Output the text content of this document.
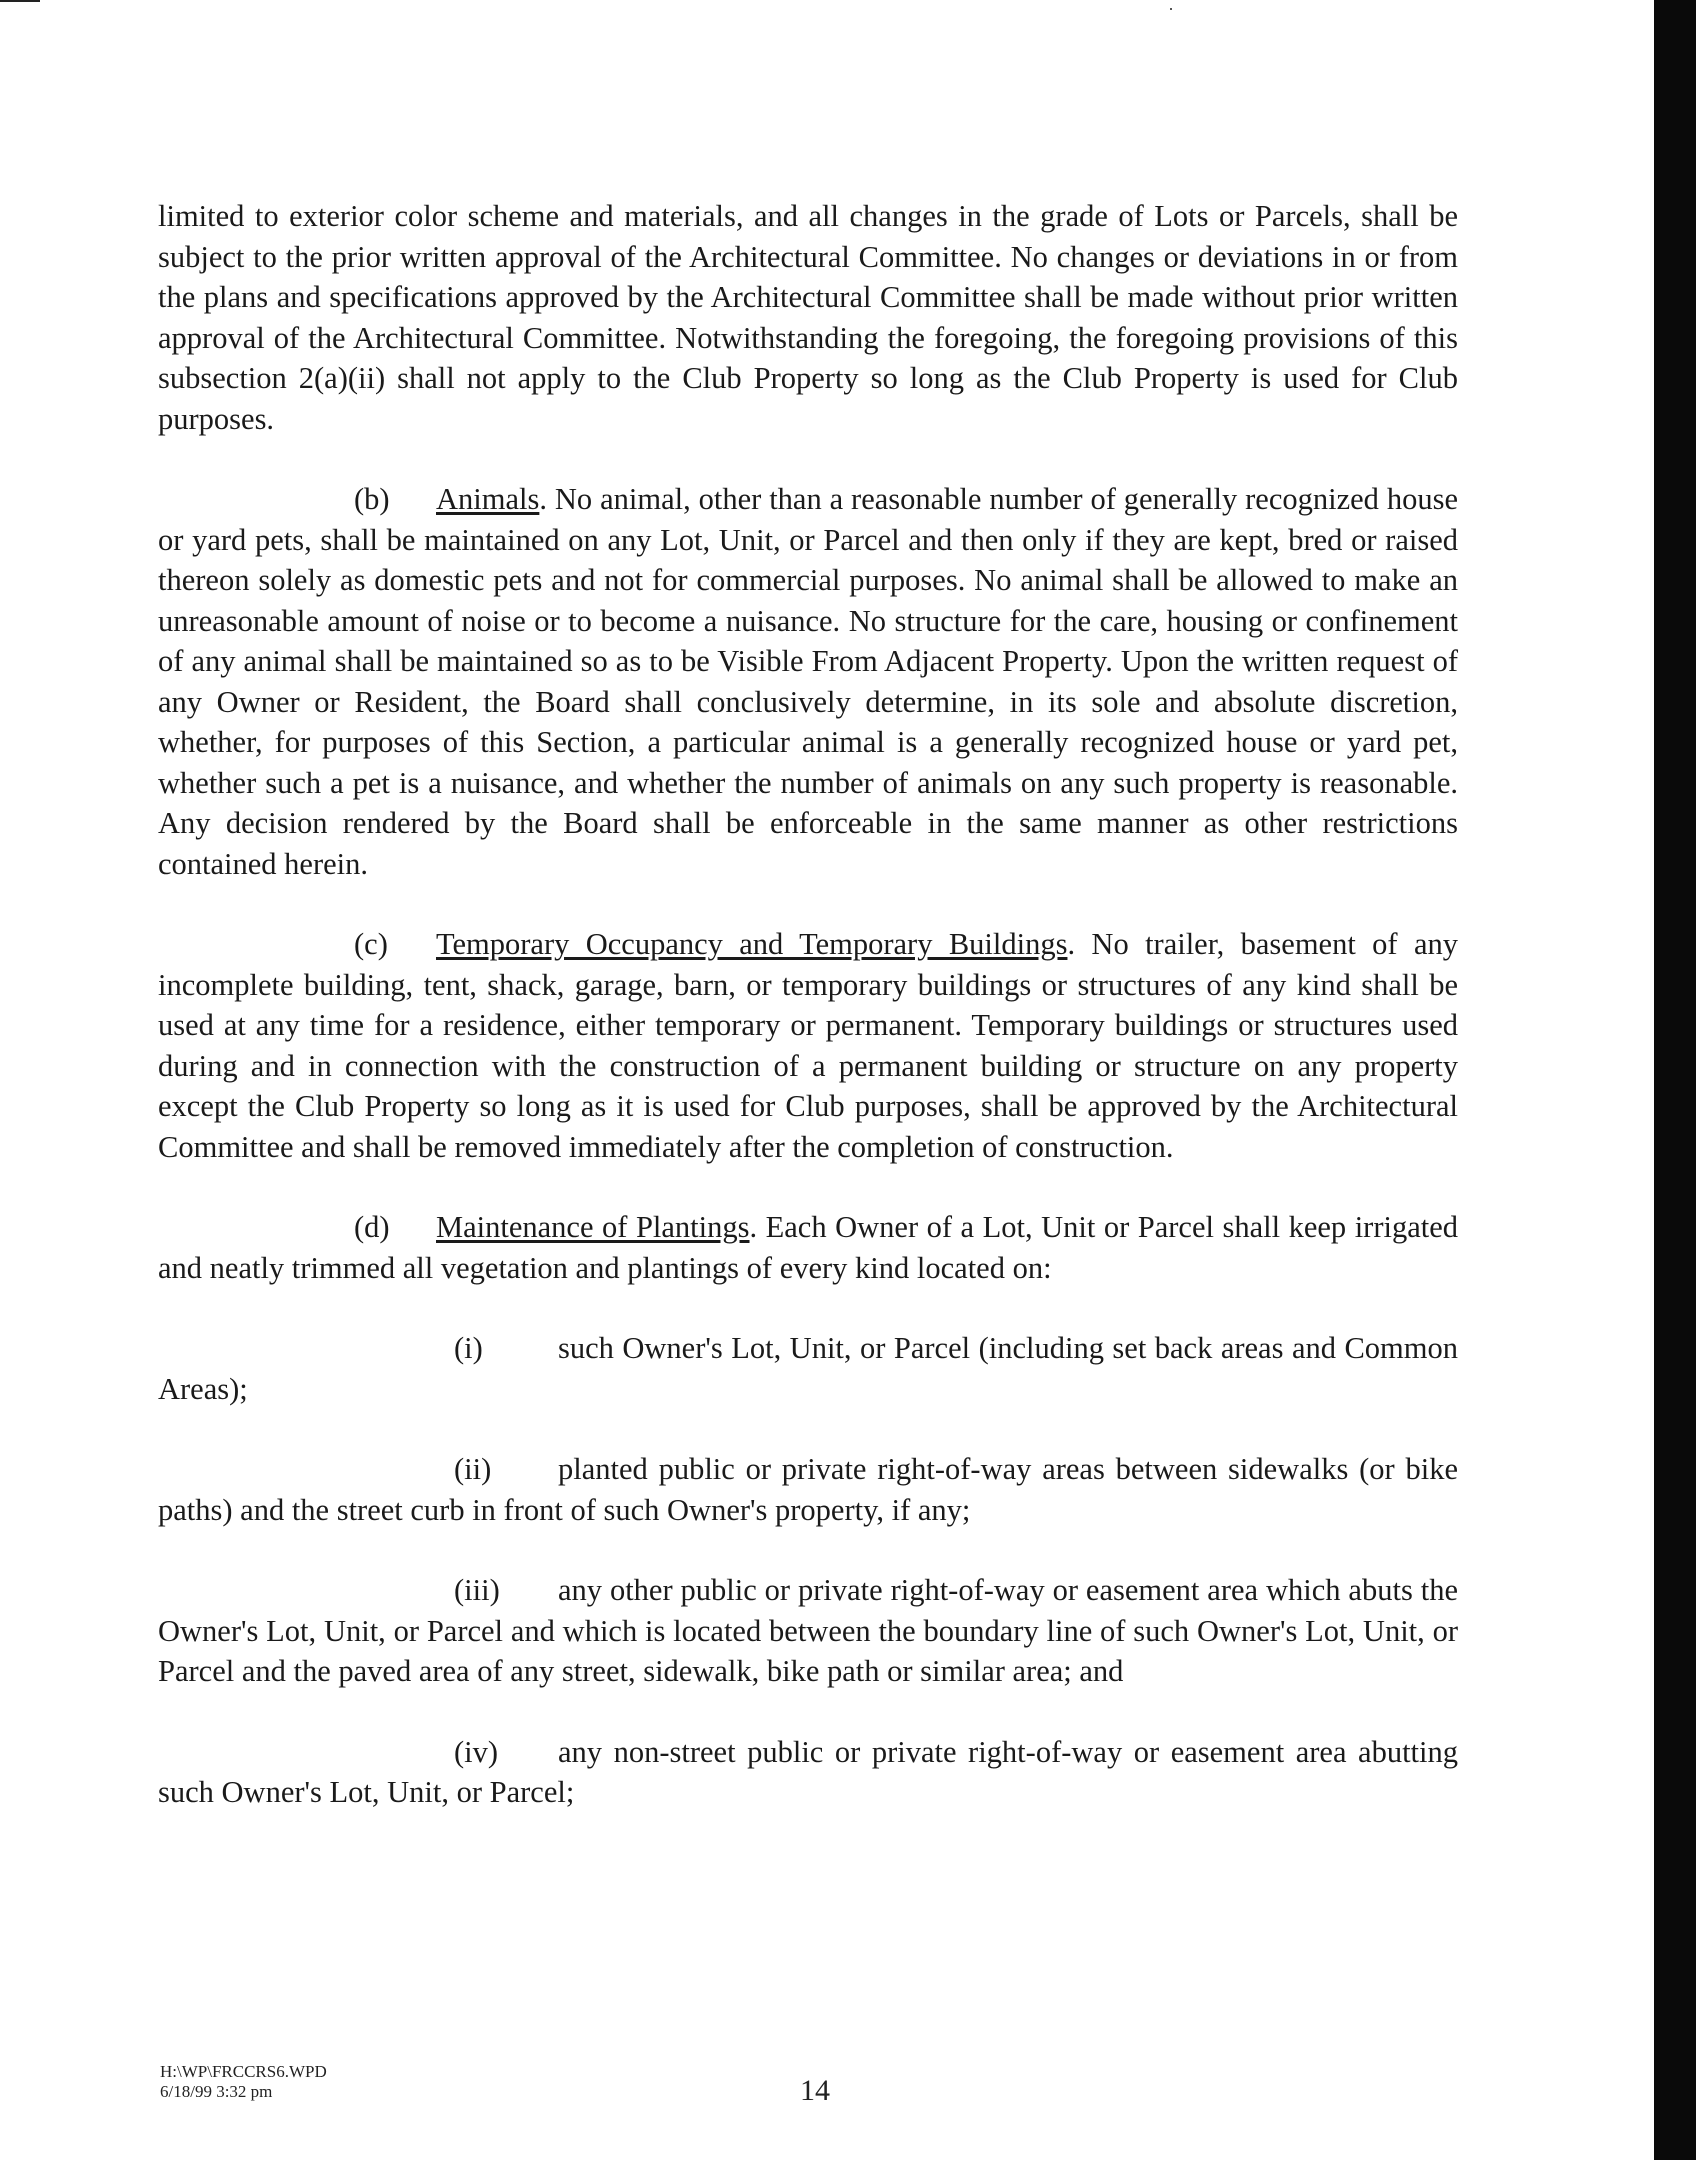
limited to exterior color scheme and materials, and all changes in the grade of Lots or Parcels, shall be subject to the prior written approval of the Architectural Committee. No changes or deviations in or from the plans and specifications approved by the Architectural Committee shall be made without prior written approval of the Architectural Committee. Notwithstanding the foregoing, the foregoing provisions of this subsection 2(a)(ii) shall not apply to the Club Property so long as the Club Property is used for Club purposes.

(b) Animals. No animal, other than a reasonable number of generally recognized house or yard pets, shall be maintained on any Lot, Unit, or Parcel and then only if they are kept, bred or raised thereon solely as domestic pets and not for commercial purposes. No animal shall be allowed to make an unreasonable amount of noise or to become a nuisance. No structure for the care, housing or confinement of any animal shall be maintained so as to be Visible From Adjacent Property. Upon the written request of any Owner or Resident, the Board shall conclusively determine, in its sole and absolute discretion, whether, for purposes of this Section, a particular animal is a generally recognized house or yard pet, whether such a pet is a nuisance, and whether the number of animals on any such property is reasonable. Any decision rendered by the Board shall be enforceable in the same manner as other restrictions contained herein.

(c) Temporary Occupancy and Temporary Buildings. No trailer, basement of any incomplete building, tent, shack, garage, barn, or temporary buildings or structures of any kind shall be used at any time for a residence, either temporary or permanent. Temporary buildings or structures used during and in connection with the construction of a permanent building or structure on any property except the Club Property so long as it is used for Club purposes, shall be approved by the Architectural Committee and shall be removed immediately after the completion of construction.

(d) Maintenance of Plantings. Each Owner of a Lot, Unit or Parcel shall keep irrigated and neatly trimmed all vegetation and plantings of every kind located on:

(i) such Owner's Lot, Unit, or Parcel (including set back areas and Common Areas);

(ii) planted public or private right-of-way areas between sidewalks (or bike paths) and the street curb in front of such Owner's property, if any;

(iii) any other public or private right-of-way or easement area which abuts the Owner's Lot, Unit, or Parcel and which is located between the boundary line of such Owner's Lot, Unit, or Parcel and the paved area of any street, sidewalk, bike path or similar area; and

(iv) any non-street public or private right-of-way or easement area abutting such Owner's Lot, Unit, or Parcel;

H:\WP\FRCCRS6.WPD
6/18/99 3:32 pm	14
